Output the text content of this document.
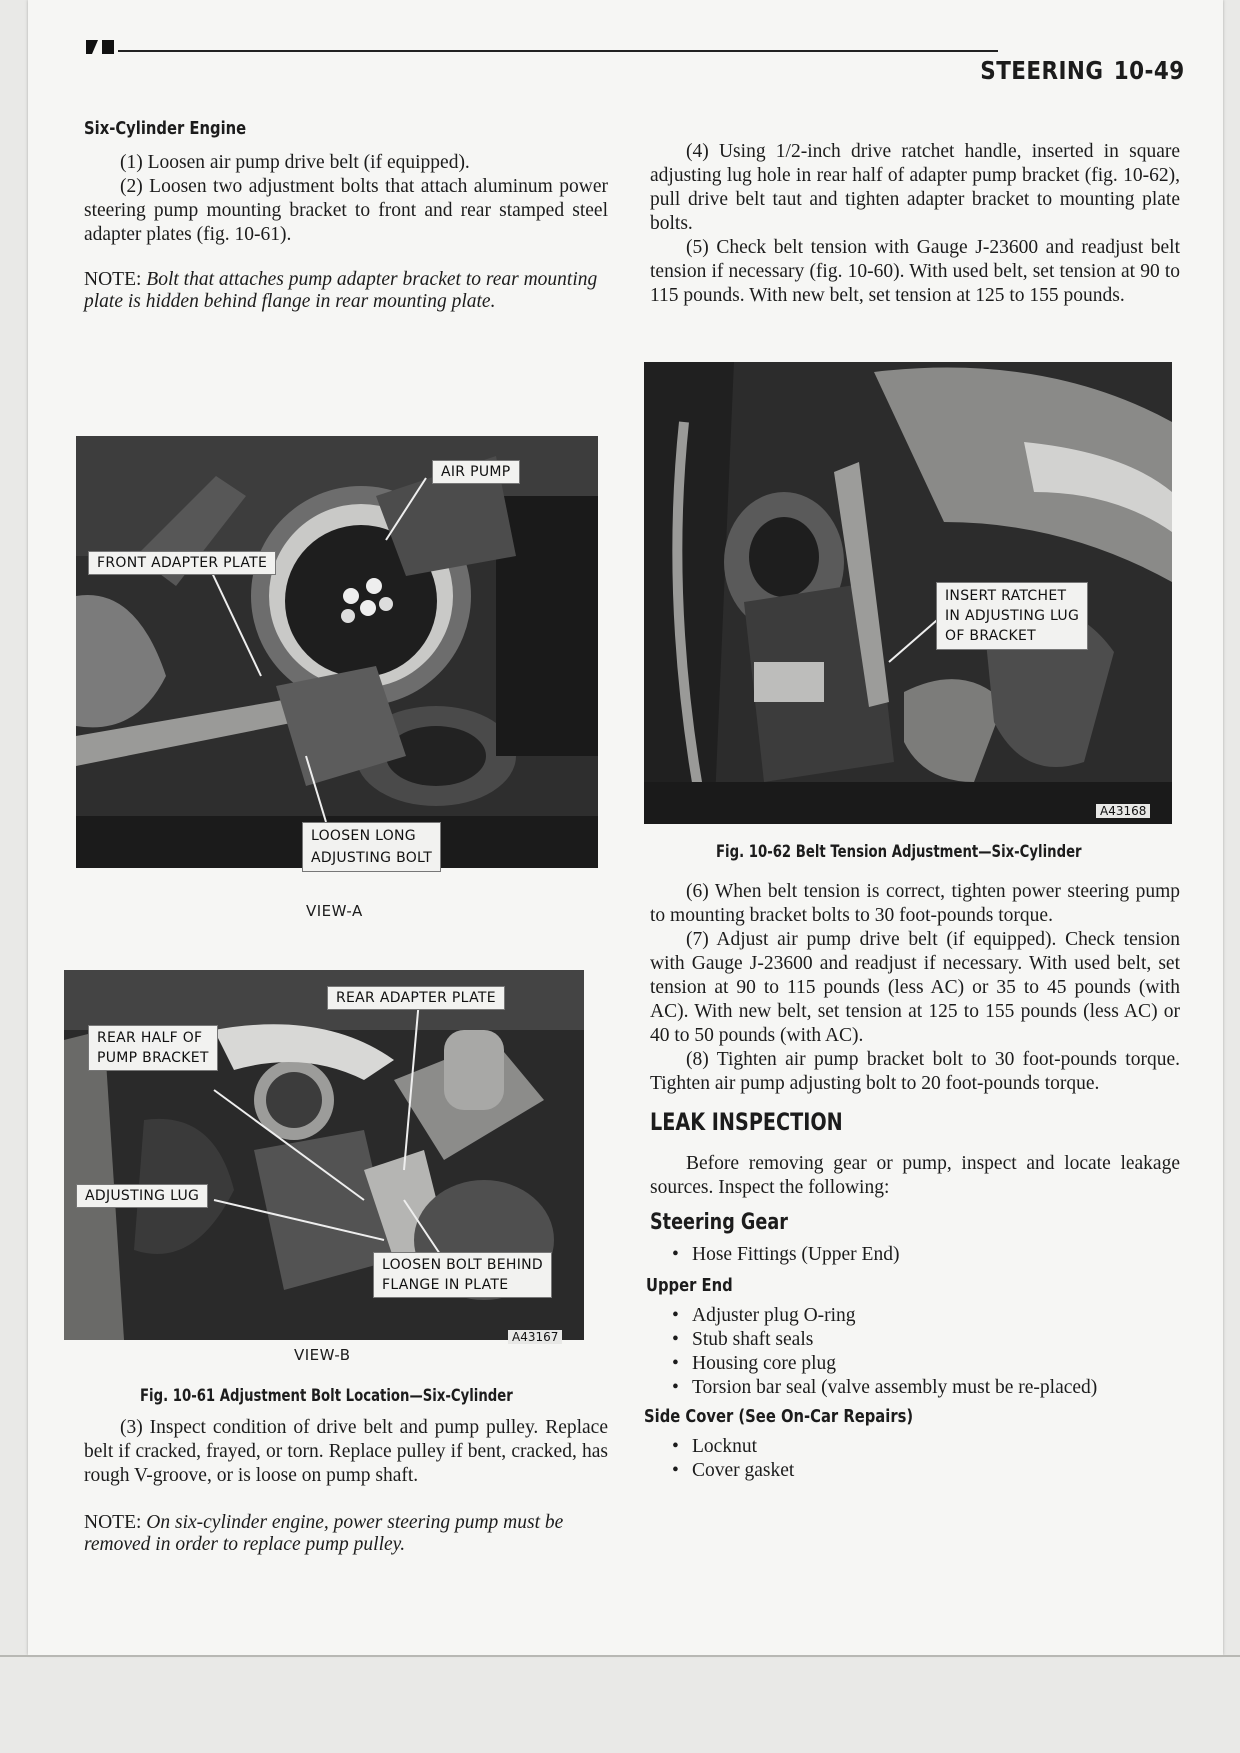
STEERING 10-49
Six-Cylinder Engine

(1) Loosen air pump drive belt (if equipped).

(2) Loosen two adjustment bolts that attach aluminum power steering pump mounting bracket to front and rear stamped steel adapter plates (fig. 10-61).

NOTE: Bolt that attaches pump adapter bracket to rear mounting plate is hidden behind flange in rear mounting plate.

AIR PUMP
FRONT ADAPTER PLATE
LOOSEN LONG
ADJUSTING BOLT
VIEW-A
REAR ADAPTER PLATE
REAR HALF OF
PUMP BRACKET
ADJUSTING LUG
LOOSEN BOLT BEHIND
FLANGE IN PLATE
A43167
VIEW-B
Fig. 10-61 Adjustment Bolt Location—Six-Cylinder

(3) Inspect condition of drive belt and pump pulley. Replace belt if cracked, frayed, or torn. Replace pulley if bent, cracked, has rough V-groove, or is loose on pump shaft.

NOTE: On six-cylinder engine, power steering pump must be removed in order to replace pump pulley.

(4) Using 1/2-inch drive ratchet handle, inserted in square adjusting lug hole in rear half of adapter pump bracket (fig. 10-62), pull drive belt taut and tighten adapter bracket to mounting plate bolts.

(5) Check belt tension with Gauge J-23600 and readjust belt tension if necessary (fig. 10-60). With used belt, set tension at 90 to 115 pounds. With new belt, set tension at 125 to 155 pounds.

INSERT RATCHET
IN ADJUSTING LUG
OF BRACKET
A43168
Fig. 10-62 Belt Tension Adjustment—Six-Cylinder

(6) When belt tension is correct, tighten power steering pump to mounting bracket bolts to 30 foot-pounds torque.

(7) Adjust air pump drive belt (if equipped). Check tension with Gauge J-23600 and readjust if necessary. With used belt, set tension at 90 to 115 pounds (less AC) or 35 to 45 pounds (with AC). With new belt, set tension at 125 to 155 pounds (less AC) or 40 to 50 pounds (with AC).

(8) Tighten air pump bracket bolt to 30 foot-pounds torque. Tighten air pump adjusting bolt to 20 foot-pounds torque.

LEAK INSPECTION

Before removing gear or pump, inspect and locate leakage sources. Inspect the following:

Steering Gear
• Hose Fittings (Upper End)
Upper End
• Adjuster plug O-ring
• Stub shaft seals
• Housing core plug
• Torsion bar seal (valve assembly must be re-placed)
Side Cover (See On-Car Repairs)
• Locknut
• Cover gasket
